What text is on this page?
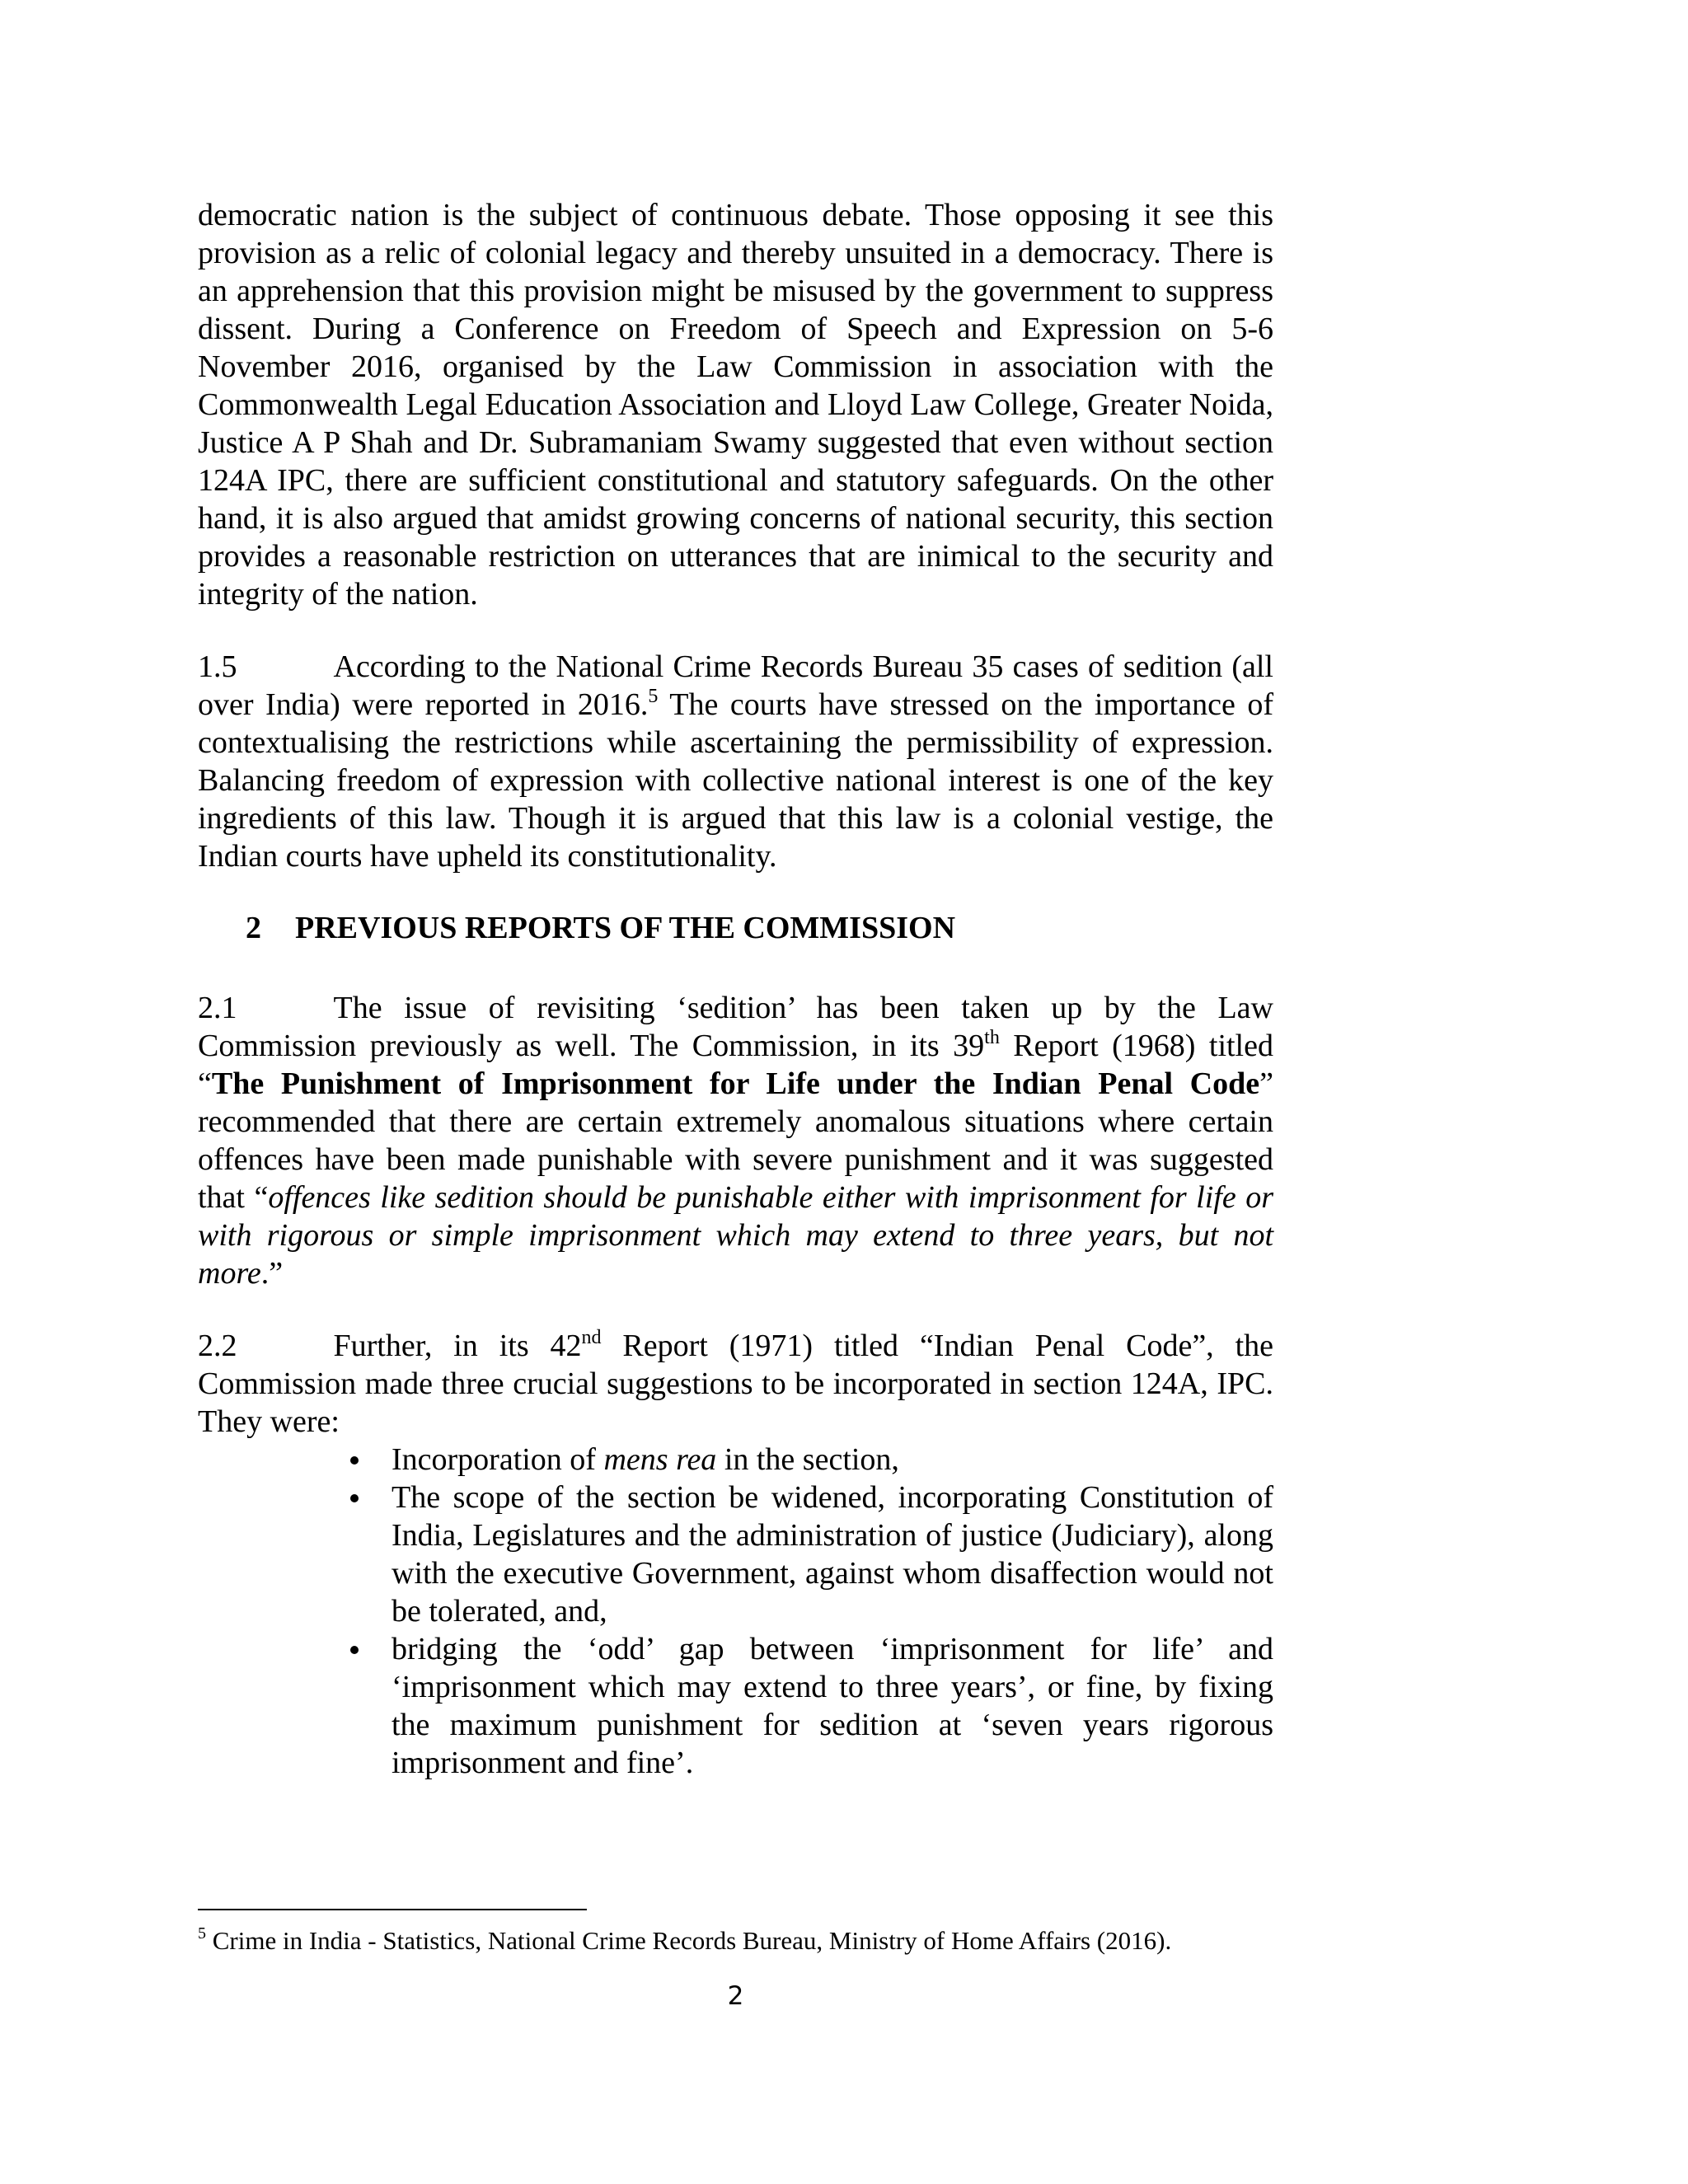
democratic nation is the subject of continuous debate. Those opposing it see this provision as a relic of colonial legacy and thereby unsuited in a democracy. There is an apprehension that this provision might be misused by the government to suppress dissent. During a Conference on Freedom of Speech and Expression on 5-6 November 2016, organised by the Law Commission in association with the Commonwealth Legal Education Association and Lloyd Law College, Greater Noida, Justice A P Shah and Dr. Subramaniam Swamy suggested that even without section 124A IPC, there are sufficient constitutional and statutory safeguards. On the other hand, it is also argued that amidst growing concerns of national security, this section provides a reasonable restriction on utterances that are inimical to the security and integrity of the nation.

1.5	According to the National Crime Records Bureau 35 cases of sedition (all over India) were reported in 2016.$^5$ The courts have stressed on the importance of contextualising the restrictions while ascertaining the permissibility of expression. Balancing freedom of expression with collective national interest is one of the key ingredients of this law. Though it is argued that this law is a colonial vestige, the Indian courts have upheld its constitutionality.

2 PREVIOUS REPORTS OF THE COMMISSION

2.1	The issue of revisiting ‘sedition’ has been taken up by the Law Commission previously as well. The Commission, in its 39th Report (1968) titled “The Punishment of Imprisonment for Life under the Indian Penal Code” recommended that there are certain extremely anomalous situations where certain offences have been made punishable with severe punishment and it was suggested that “offences like sedition should be punishable either with imprisonment for life or with rigorous or simple imprisonment which may extend to three years, but not more.”

2.2	Further, in its 42nd Report (1971) titled “Indian Penal Code”, the Commission made three crucial suggestions to be incorporated in section 124A, IPC. They were:

Incorporation of mens rea in the section,
The scope of the section be widened, incorporating Constitution of India, Legislatures and the administration of justice (Judiciary), along with the executive Government, against whom disaffection would not be tolerated, and,
bridging the ‘odd’ gap between ‘imprisonment for life’ and ‘imprisonment which may extend to three years’, or fine, by fixing the maximum punishment for sedition at ‘seven years rigorous imprisonment and fine’.
$^5$ Crime in India - Statistics, National Crime Records Bureau, Ministry of Home Affairs (2016).
2
